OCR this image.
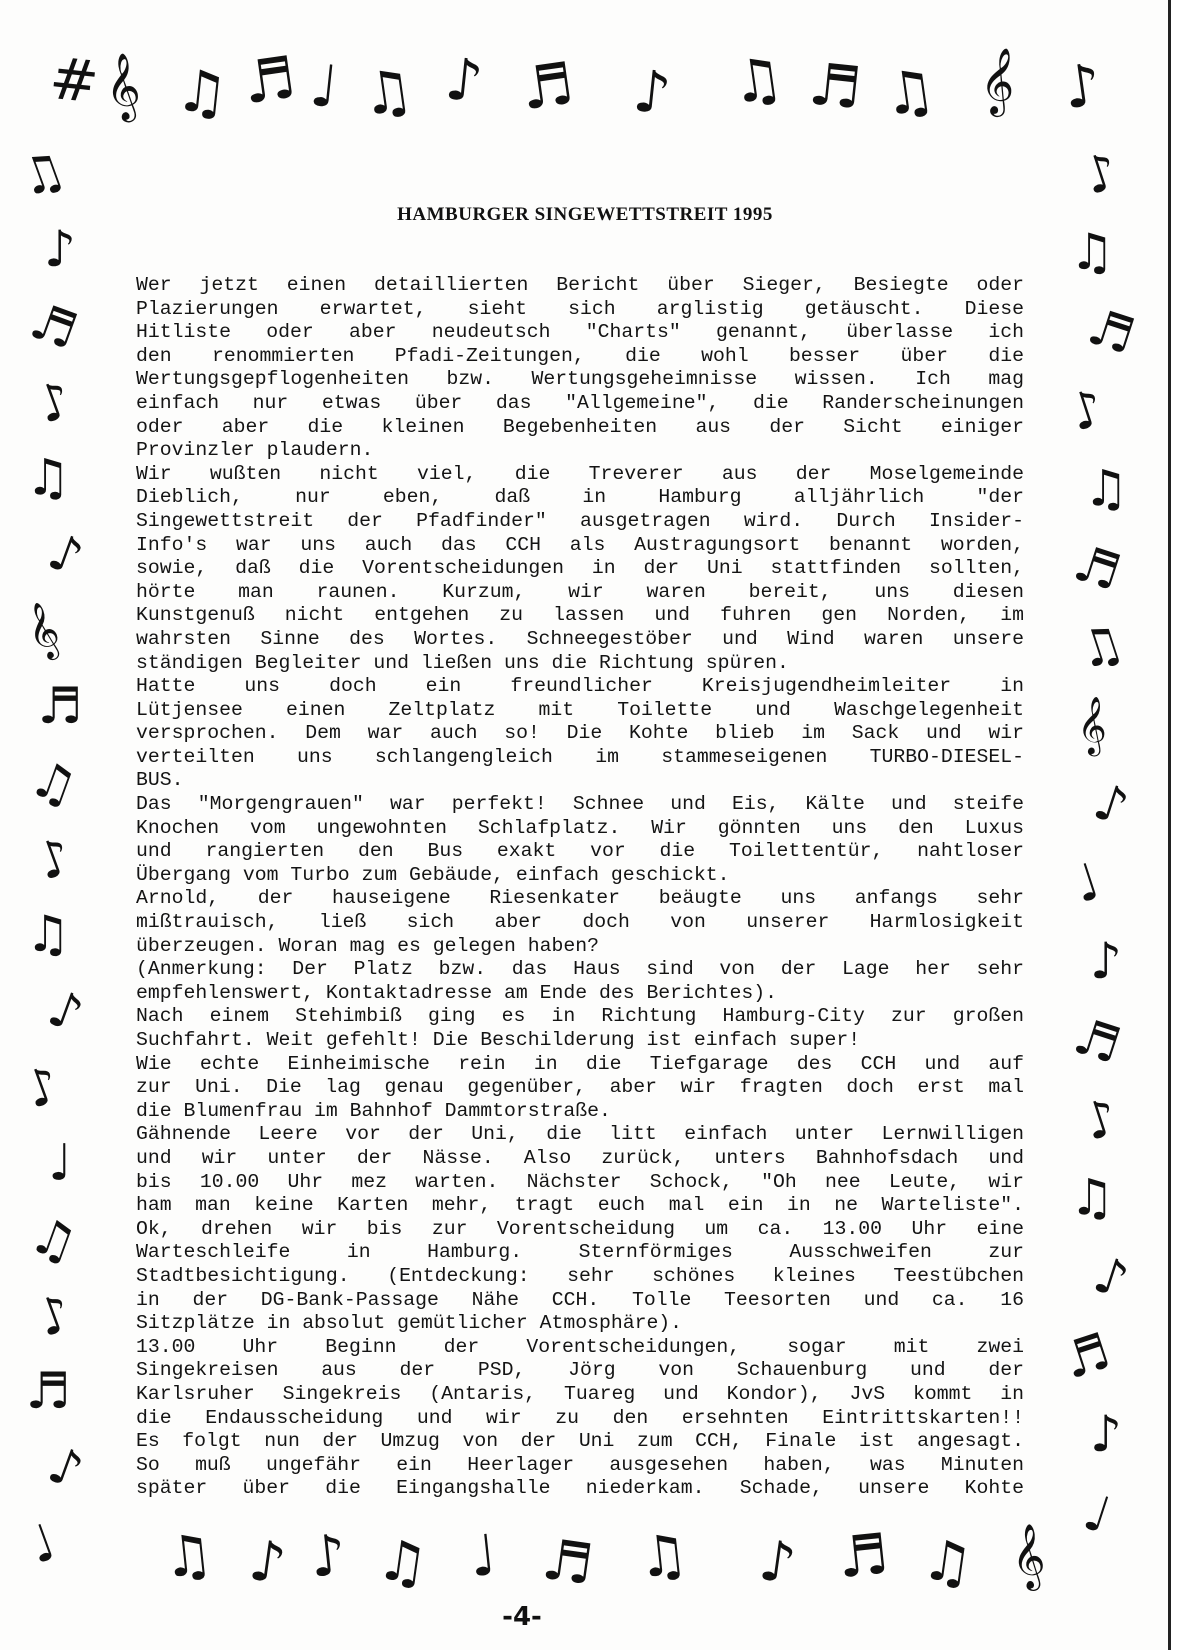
#
𝄞 ♫ ♬ ♩ ♫ ♪ ♬ ♪ ♫ ♬ ♫ 𝄞 ♪
♫ ♪ ♪ ♫ ♩ ♬ ♫ ♪ ♬ ♫ 𝄞
♫
♪
♬
♪
♫
♪
𝄞
♬
♫
♪
♫
♪
♪
♩
♫
♪
♬
♪
♩
♪
♫
♬
♪
♫
♬
♫
𝄞
♪
♩
♪
♬
♪
♫
♪
♬
♪
♩
HAMBURGER SINGEWETTSTREIT 1995
Wer jetzt einen detaillierten Bericht über Sieger, Besiegte oder
Plazierungen erwartet, sieht sich arglistig getäuscht. Diese
Hitliste oder aber neudeutsch "Charts" genannt, überlasse ich
den renommierten Pfadi-Zeitungen, die wohl besser über die
Wertungsgepflogenheiten bzw. Wertungsgeheimnisse wissen. Ich mag
einfach nur etwas über das "Allgemeine", die Randerscheinungen
oder aber die kleinen Begebenheiten aus der Sicht einiger
Provinzler plaudern.
Wir wußten nicht viel, die Treverer aus der Moselgemeinde
Dieblich, nur eben, daß in Hamburg alljährlich "der
Singewettstreit der Pfadfinder" ausgetragen wird. Durch Insider-
Info's war uns auch das CCH als Austragungsort benannt worden,
sowie, daß die Vorentscheidungen in der Uni stattfinden sollten,
hörte man raunen. Kurzum, wir waren bereit, uns diesen
Kunstgenuß nicht entgehen zu lassen und fuhren gen Norden, im
wahrsten Sinne des Wortes. Schneegestöber und Wind waren unsere
ständigen Begleiter und ließen uns die Richtung spüren.
Hatte uns doch ein freundlicher Kreisjugendheimleiter in
Lütjensee einen Zeltplatz mit Toilette und Waschgelegenheit
versprochen. Dem war auch so! Die Kohte blieb im Sack und wir
verteilten uns schlangengleich im stammeseigenen TURBO-DIESEL-
BUS.
Das "Morgengrauen" war perfekt! Schnee und Eis, Kälte und steife
Knochen vom ungewohnten Schlafplatz. Wir gönnten uns den Luxus
und rangierten den Bus exakt vor die Toilettentür, nahtloser
Übergang vom Turbo zum Gebäude, einfach geschickt.
Arnold, der hauseigene Riesenkater beäugte uns anfangs sehr
mißtrauisch, ließ sich aber doch von unserer Harmlosigkeit
überzeugen. Woran mag es gelegen haben?
(Anmerkung: Der Platz bzw. das Haus sind von der Lage her sehr
empfehlenswert, Kontaktadresse am Ende des Berichtes).
Nach einem Stehimbiß ging es in Richtung Hamburg-City zur großen
Suchfahrt. Weit gefehlt! Die Beschilderung ist einfach super!
Wie echte Einheimische rein in die Tiefgarage des CCH und auf
zur Uni. Die lag genau gegenüber, aber wir fragten doch erst mal
die Blumenfrau im Bahnhof Dammtorstraße.
Gähnende Leere vor der Uni, die litt einfach unter Lernwilligen
und wir unter der Nässe. Also zurück, unters Bahnhofsdach und
bis 10.00 Uhr mez warten. Nächster Schock, "Oh nee Leute, wir
ham man keine Karten mehr, tragt euch mal ein in ne Warteliste".
Ok, drehen wir bis zur Vorentscheidung um ca. 13.00 Uhr eine
Warteschleife in Hamburg. Sternförmiges Ausschweifen zur
Stadtbesichtigung. (Entdeckung: sehr schönes kleines Teestübchen
in der DG-Bank-Passage Nähe CCH. Tolle Teesorten und ca. 16
Sitzplätze in absolut gemütlicher Atmosphäre).
13.00 Uhr Beginn der Vorentscheidungen, sogar mit zwei
Singekreisen aus der PSD, Jörg von Schauenburg und der
Karlsruher Singekreis (Antaris, Tuareg und Kondor), JvS kommt in
die Endausscheidung und wir zu den ersehnten Eintrittskarten!!
Es folgt nun der Umzug von der Uni zum CCH, Finale ist angesagt.
So muß ungefähr ein Heerlager ausgesehen haben, was Minuten
später über die Eingangshalle niederkam. Schade, unsere Kohte
-4-
